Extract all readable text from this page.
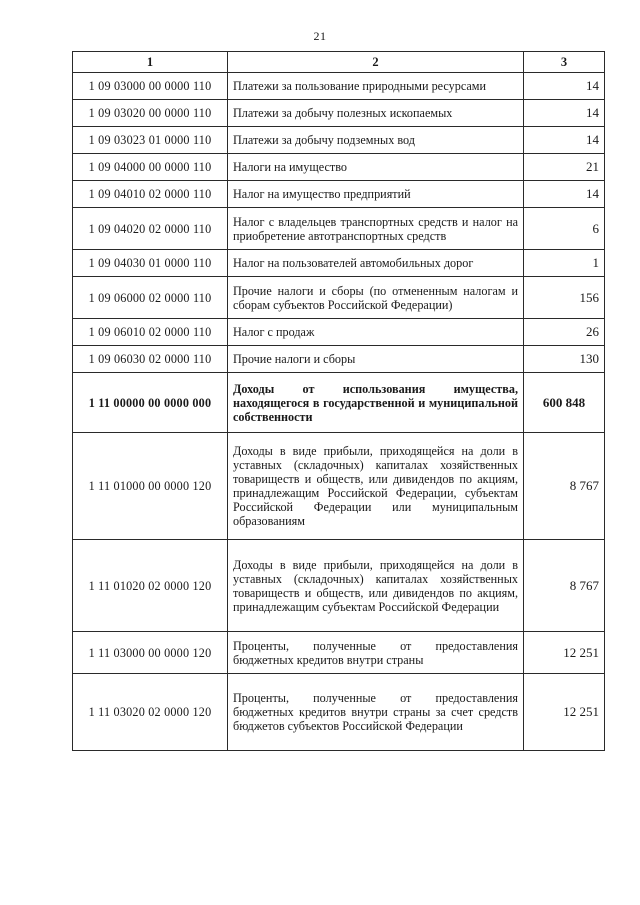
21
1	2	3
1 09 03000 00 0000 110	Платежи за пользование природными ресурсами	14
1 09 03020 00 0000 110	Платежи за добычу полезных ископаемых	14
1 09 03023 01 0000 110	Платежи за добычу подземных вод	14
1 09 04000 00 0000 110	Налоги на имущество	21
1 09 04010 02 0000 110	Налог на имущество предприятий	14
1 09 04020 02 0000 110	Налог с владельцев транспортных средств и налог на приобретение автотранспортных средств	6
1 09 04030 01 0000 110	Налог на пользователей автомобильных дорог	1
1 09 06000 02 0000 110	Прочие налоги и сборы (по отмененным налогам и сборам субъектов Российской Федерации)	156
1 09 06010 02 0000 110	Налог с продаж	26
1 09 06030 02 0000 110	Прочие налоги и сборы	130
1 11 00000 00 0000 000	Доходы от использования имущества, находящегося в государственной и муниципальной собственности	600 848
1 11 01000 00 0000 120	Доходы в виде прибыли, приходящейся на доли в уставных (складочных) капиталах хозяйственных товариществ и обществ, или дивидендов по акциям, принадлежащим Российской Федерации, субъектам Российской Федерации или муниципальным образованиям	8 767
1 11 01020 02 0000 120	Доходы в виде прибыли, приходящейся на доли в уставных (складочных) капиталах хозяйственных товариществ и обществ, или дивидендов по акциям, принадлежащим субъектам Российской Федерации	8 767
1 11 03000 00 0000 120	Проценты, полученные от предоставления бюджетных кредитов внутри страны	12 251
1 11 03020 02 0000 120	Проценты, полученные от предоставления бюджетных кредитов внутри страны за счет средств бюджетов субъектов Российской Федерации	12 251
